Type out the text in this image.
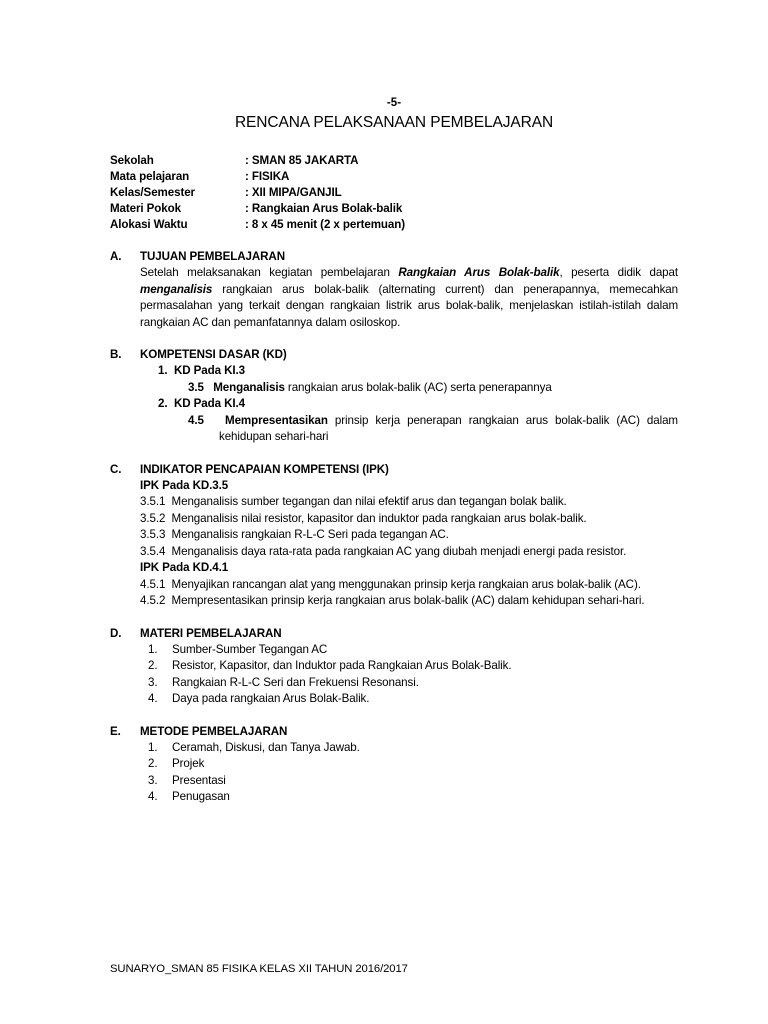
-5-
RENCANA PELAKSANAAN PEMBELAJARAN
Sekolah	: SMAN 85 JAKARTA
Mata pelajaran	: FISIKA
Kelas/Semester	: XII MIPA/GANJIL
Materi Pokok	: Rangkaian Arus Bolak-balik
Alokasi Waktu	: 8 x 45 menit (2 x pertemuan)
A.	TUJUAN PEMBELAJARAN
Setelah melaksanakan kegiatan pembelajaran Rangkaian Arus Bolak-balik, peserta didik dapat menganalisis rangkaian arus bolak-balik (alternating current) dan penerapannya, memecahkan permasalahan yang terkait dengan rangkaian listrik arus bolak-balik, menjelaskan istilah-istilah dalam rangkaian AC dan pemanfatannya dalam osiloskop.
B.	KOMPETENSI DASAR (KD)
1. KD Pada KI.3
3.5 Menganalisis rangkaian arus bolak-balik (AC) serta penerapannya
2. KD Pada KI.4
4.5 Mempresentasikan prinsip kerja penerapan rangkaian arus bolak-balik (AC) dalam kehidupan sehari-hari
C.	INDIKATOR PENCAPAIAN KOMPETENSI (IPK)
IPK Pada KD.3.5
3.5.1 Menganalisis sumber tegangan dan nilai efektif arus dan tegangan bolak balik.
3.5.2 Menganalisis nilai resistor, kapasitor dan induktor pada rangkaian arus bolak-balik.
3.5.3 Menganalisis rangkaian R-L-C Seri pada tegangan AC.
3.5.4 Menganalisis daya rata-rata pada rangkaian AC yang diubah menjadi energi pada resistor.
IPK Pada KD.4.1
4.5.1 Menyajikan rancangan alat yang menggunakan prinsip kerja rangkaian arus bolak-balik (AC).
4.5.2 Mempresentasikan prinsip kerja rangkaian arus bolak-balik (AC) dalam kehidupan sehari-hari.
D.	MATERI PEMBELAJARAN
1.	Sumber-Sumber Tegangan AC
2.	Resistor, Kapasitor, dan Induktor pada Rangkaian Arus Bolak-Balik.
3.	Rangkaian R-L-C Seri dan Frekuensi Resonansi.
4.	Daya pada rangkaian Arus Bolak-Balik.
E.	METODE PEMBELAJARAN
1.	Ceramah, Diskusi, dan Tanya Jawab.
2.	Projek
3.	Presentasi
4.	Penugasan
SUNARYO_SMAN 85 FISIKA KELAS XII TAHUN 2016/2017
